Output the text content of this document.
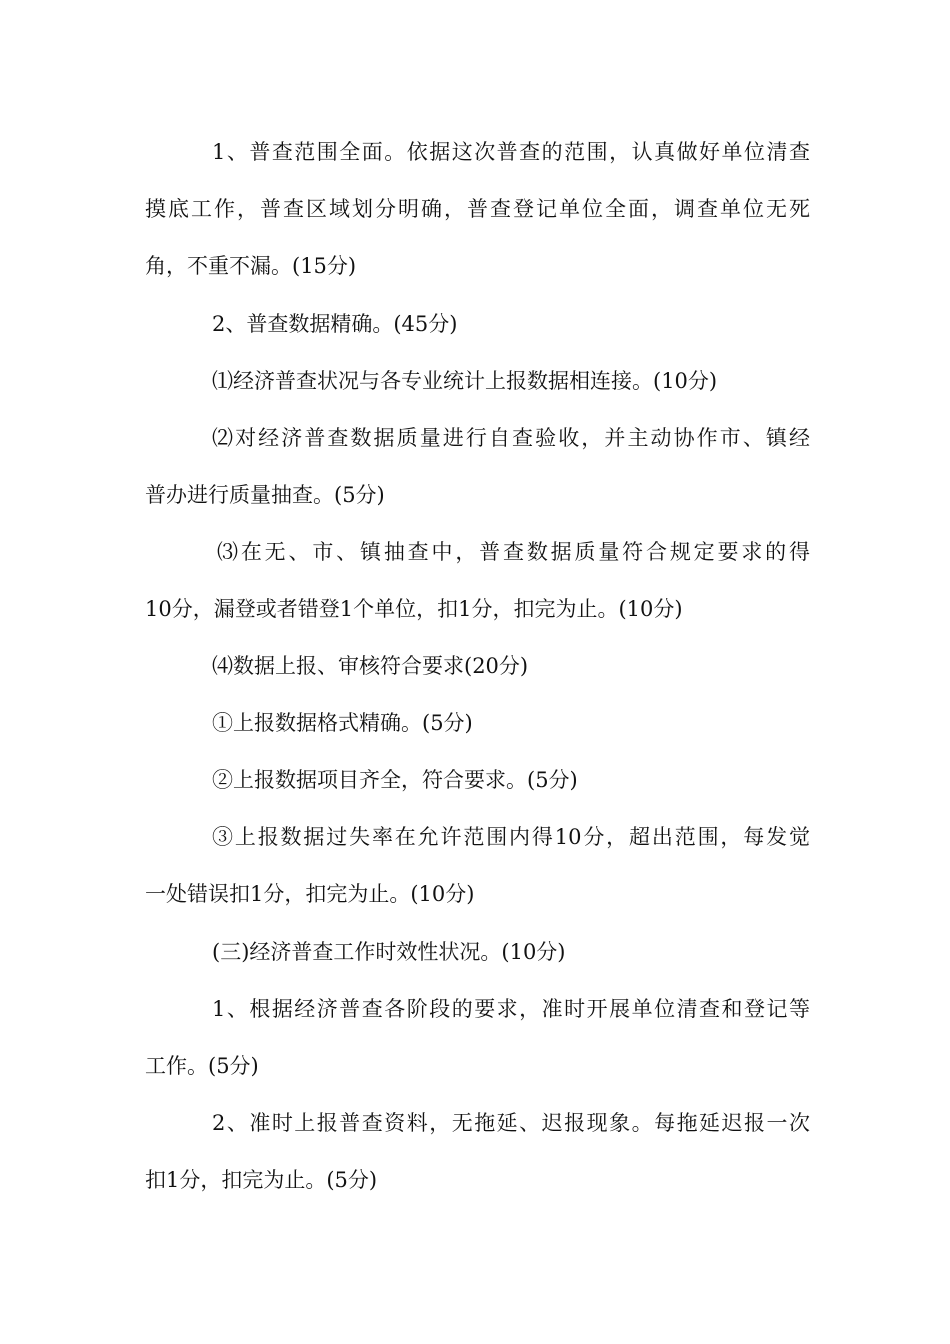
1、普查范围全面。依据这次普查的范围，认真做好单位清查
摸底工作，普查区域划分明确，普查登记单位全面，调查单位无死
角，不重不漏。(15分)
2、普查数据精确。(45分)
⑴经济普查状况与各专业统计上报数据相连接。(10分)
⑵对经济普查数据质量进行自查验收，并主动协作市、镇经
普办进行质量抽查。(5分)
⑶在无、市、镇抽查中，普查数据质量符合规定要求的得
10分，漏登或者错登1个单位，扣1分，扣完为止。(10分)
⑷数据上报、审核符合要求(20分)
①上报数据格式精确。(5分)
②上报数据项目齐全，符合要求。(5分)
③上报数据过失率在允许范围内得10分，超出范围，每发觉
一处错误扣1分，扣完为止。(10分)
(三)经济普查工作时效性状况。(10分)
1、根据经济普查各阶段的要求，准时开展单位清查和登记等
工作。(5分)
2、准时上报普查资料，无拖延、迟报现象。每拖延迟报一次
扣1分，扣完为止。(5分)
